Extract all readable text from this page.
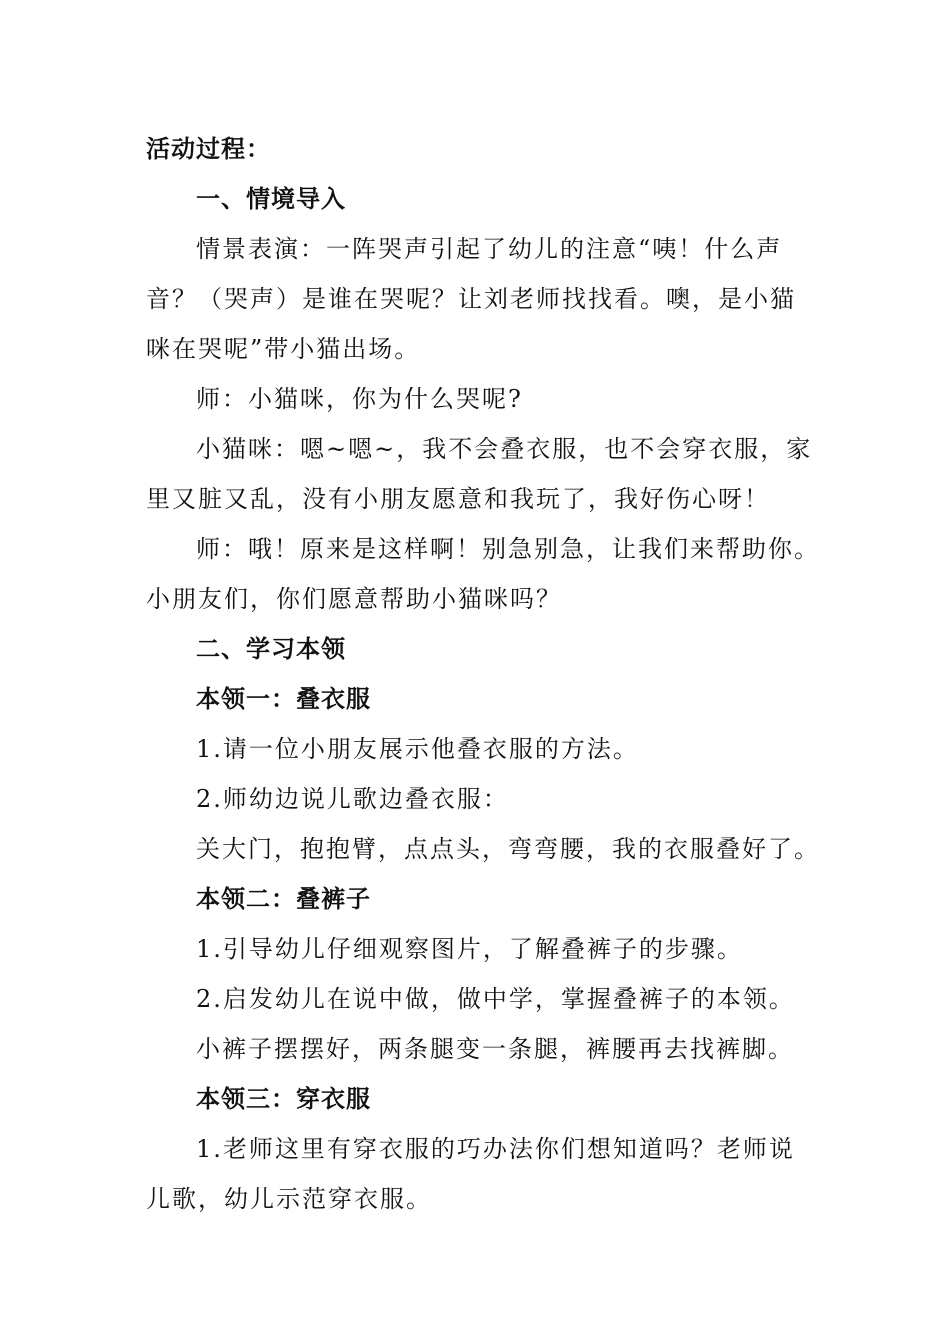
活动过程：
一、情境导入
情景表演：一阵哭声引起了幼儿的注意“咦！什么声
音？（哭声）是谁在哭呢？让刘老师找找看。噢，是小猫
咪在哭呢”带小猫出场。
师：小猫咪，你为什么哭呢?
小猫咪：嗯~嗯~，我不会叠衣服，也不会穿衣服，家
里又脏又乱，没有小朋友愿意和我玩了，我好伤心呀！
师：哦！原来是这样啊！别急别急，让我们来帮助你。
小朋友们，你们愿意帮助小猫咪吗？
二、学习本领
本领一：叠衣服
1.请一位小朋友展示他叠衣服的方法。
2.师幼边说儿歌边叠衣服：
关大门，抱抱臂，点点头，弯弯腰，我的衣服叠好了。
本领二：叠裤子
1.引导幼儿仔细观察图片，了解叠裤子的步骤。
2.启发幼儿在说中做，做中学，掌握叠裤子的本领。
小裤子摆摆好，两条腿变一条腿，裤腰再去找裤脚。
本领三：穿衣服
1.老师这里有穿衣服的巧办法你们想知道吗？老师说
儿歌，幼儿示范穿衣服。
